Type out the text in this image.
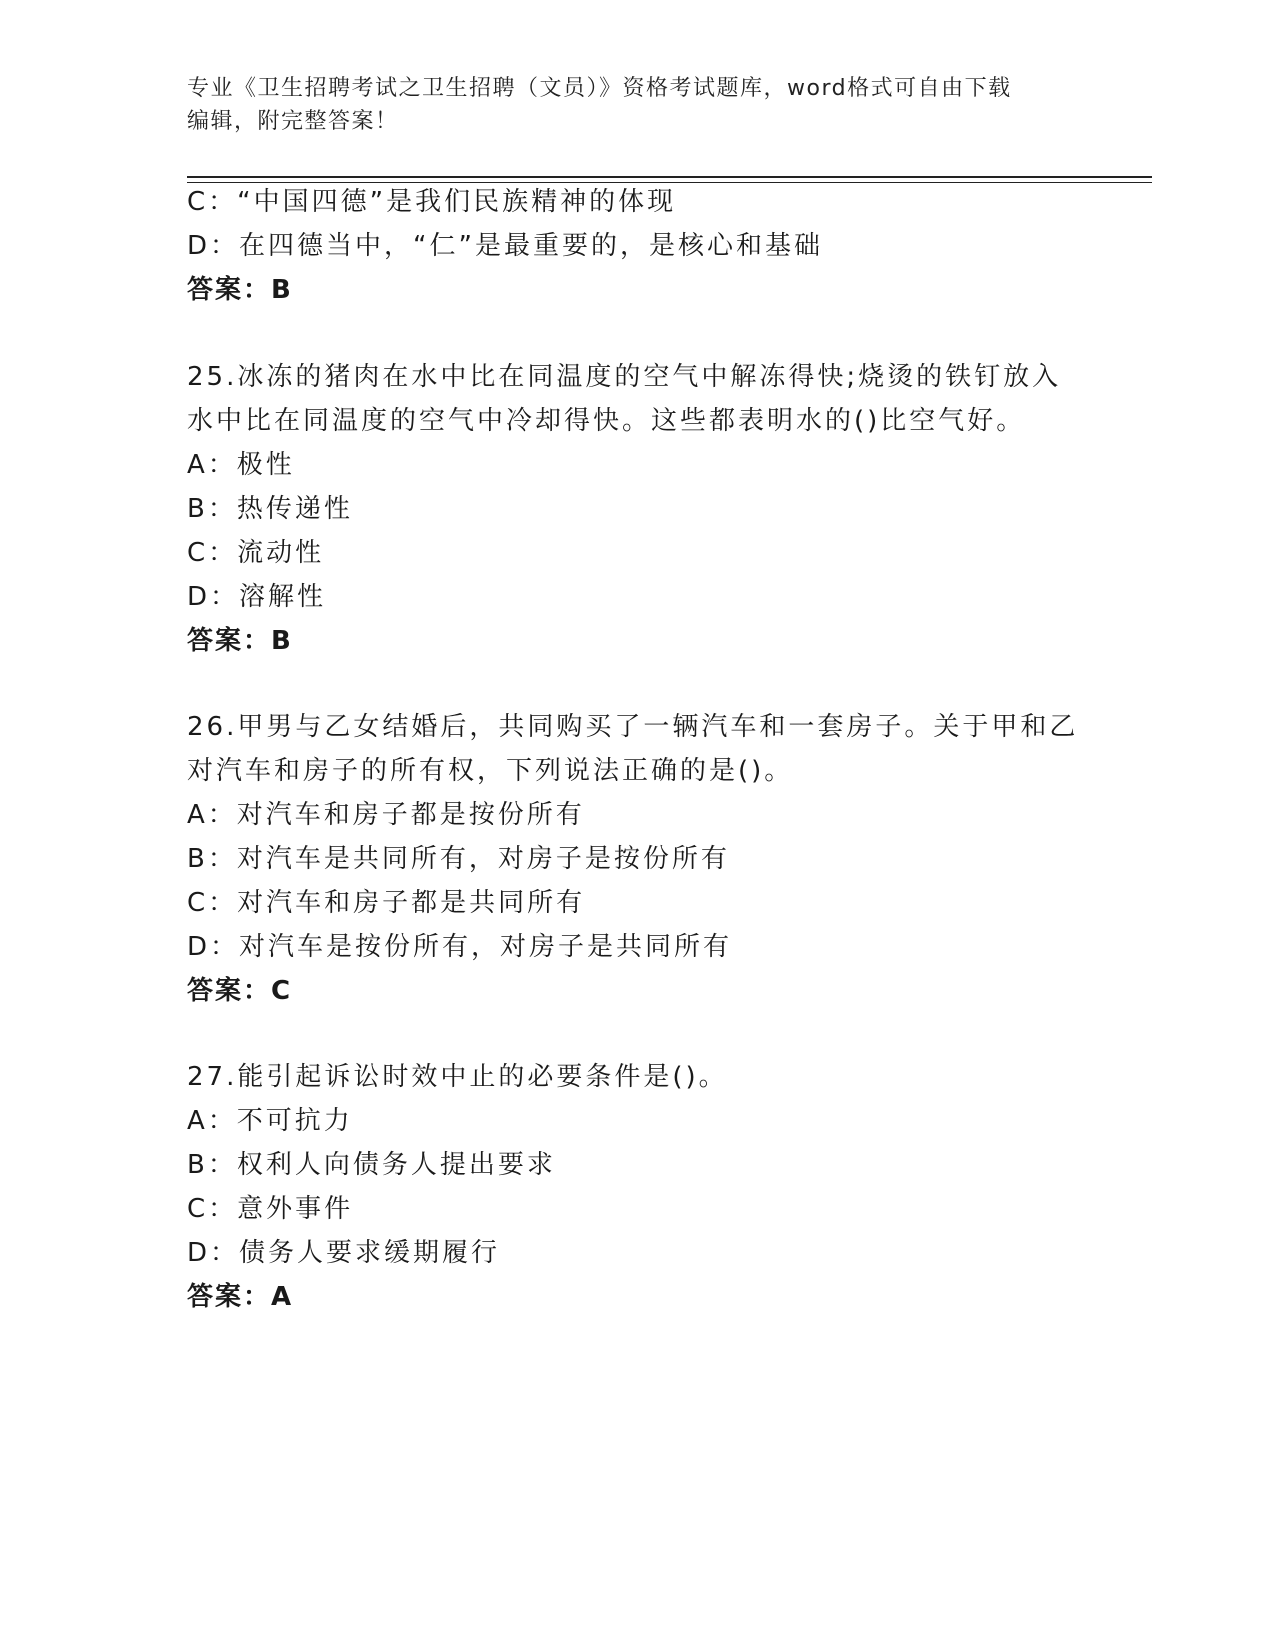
专业《卫生招聘考试之卫生招聘（文员）》资格考试题库，word格式可自由下载
编辑，附完整答案！
C：“中国四德”是我们民族精神的体现
D：在四德当中，“仁”是最重要的，是核心和基础
答案：B
25.冰冻的猪肉在水中比在同温度的空气中解冻得快;烧烫的铁钉放入
水中比在同温度的空气中冷却得快。这些都表明水的()比空气好。
A：极性
B：热传递性
C：流动性
D：溶解性
答案：B
26.甲男与乙女结婚后，共同购买了一辆汽车和一套房子。关于甲和乙
对汽车和房子的所有权，下列说法正确的是()。
A：对汽车和房子都是按份所有
B：对汽车是共同所有，对房子是按份所有
C：对汽车和房子都是共同所有
D：对汽车是按份所有，对房子是共同所有
答案：C
27.能引起诉讼时效中止的必要条件是()。
A：不可抗力
B：权利人向债务人提出要求
C：意外事件
D：债务人要求缓期履行
答案：A
